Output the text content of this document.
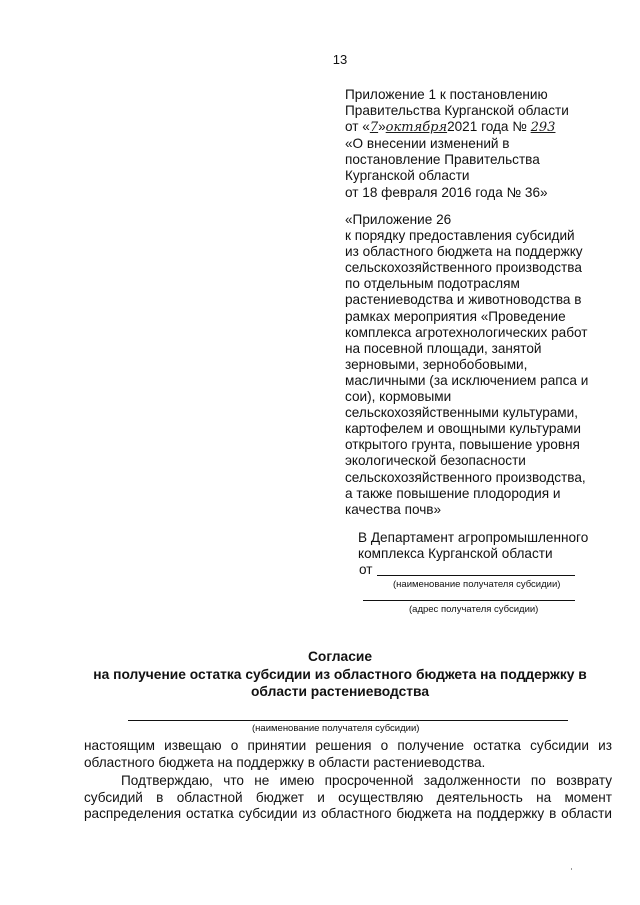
13
Приложение 1 к постановлению
Правительства Курганской области
от «7»октября2021 года № 293
«О внесении изменений в
постановление Правительства
Курганской области
от 18 февраля 2016 года № 36»
«Приложение 26
к порядку предоставления субсидий
из областного бюджета на поддержку
сельскохозяйственного производства
по отдельным подотраслям
растениеводства и животноводства в
рамках мероприятия «Проведение
комплекса агротехнологических работ
на посевной площади, занятой
зерновыми, зернобобовыми,
масличными (за исключением рапса и
сои), кормовыми
сельскохозяйственными культурами,
картофелем и овощными культурами
открытого грунта, повышение уровня
экологической безопасности
сельскохозяйственного производства,
а также повышение плодородия и
качества почв»
В Департамент агропромышленного
комплекса Курганской области
от
(наименование получателя субсидии)
(адрес получателя субсидии)
Согласие
на получение остатка субсидии из областного бюджета на поддержку в
области растениеводства
(наименование получателя субсидии)
настоящим извещаю о принятии решения о получение остатка субсидии из
областного бюджета на поддержку в области растениеводства.
Подтверждаю, что не имею просроченной задолженности по возврату
субсидий в областной бюджет и осуществляю деятельность на момент
распределения остатка субсидии из областного бюджета на поддержку в области
